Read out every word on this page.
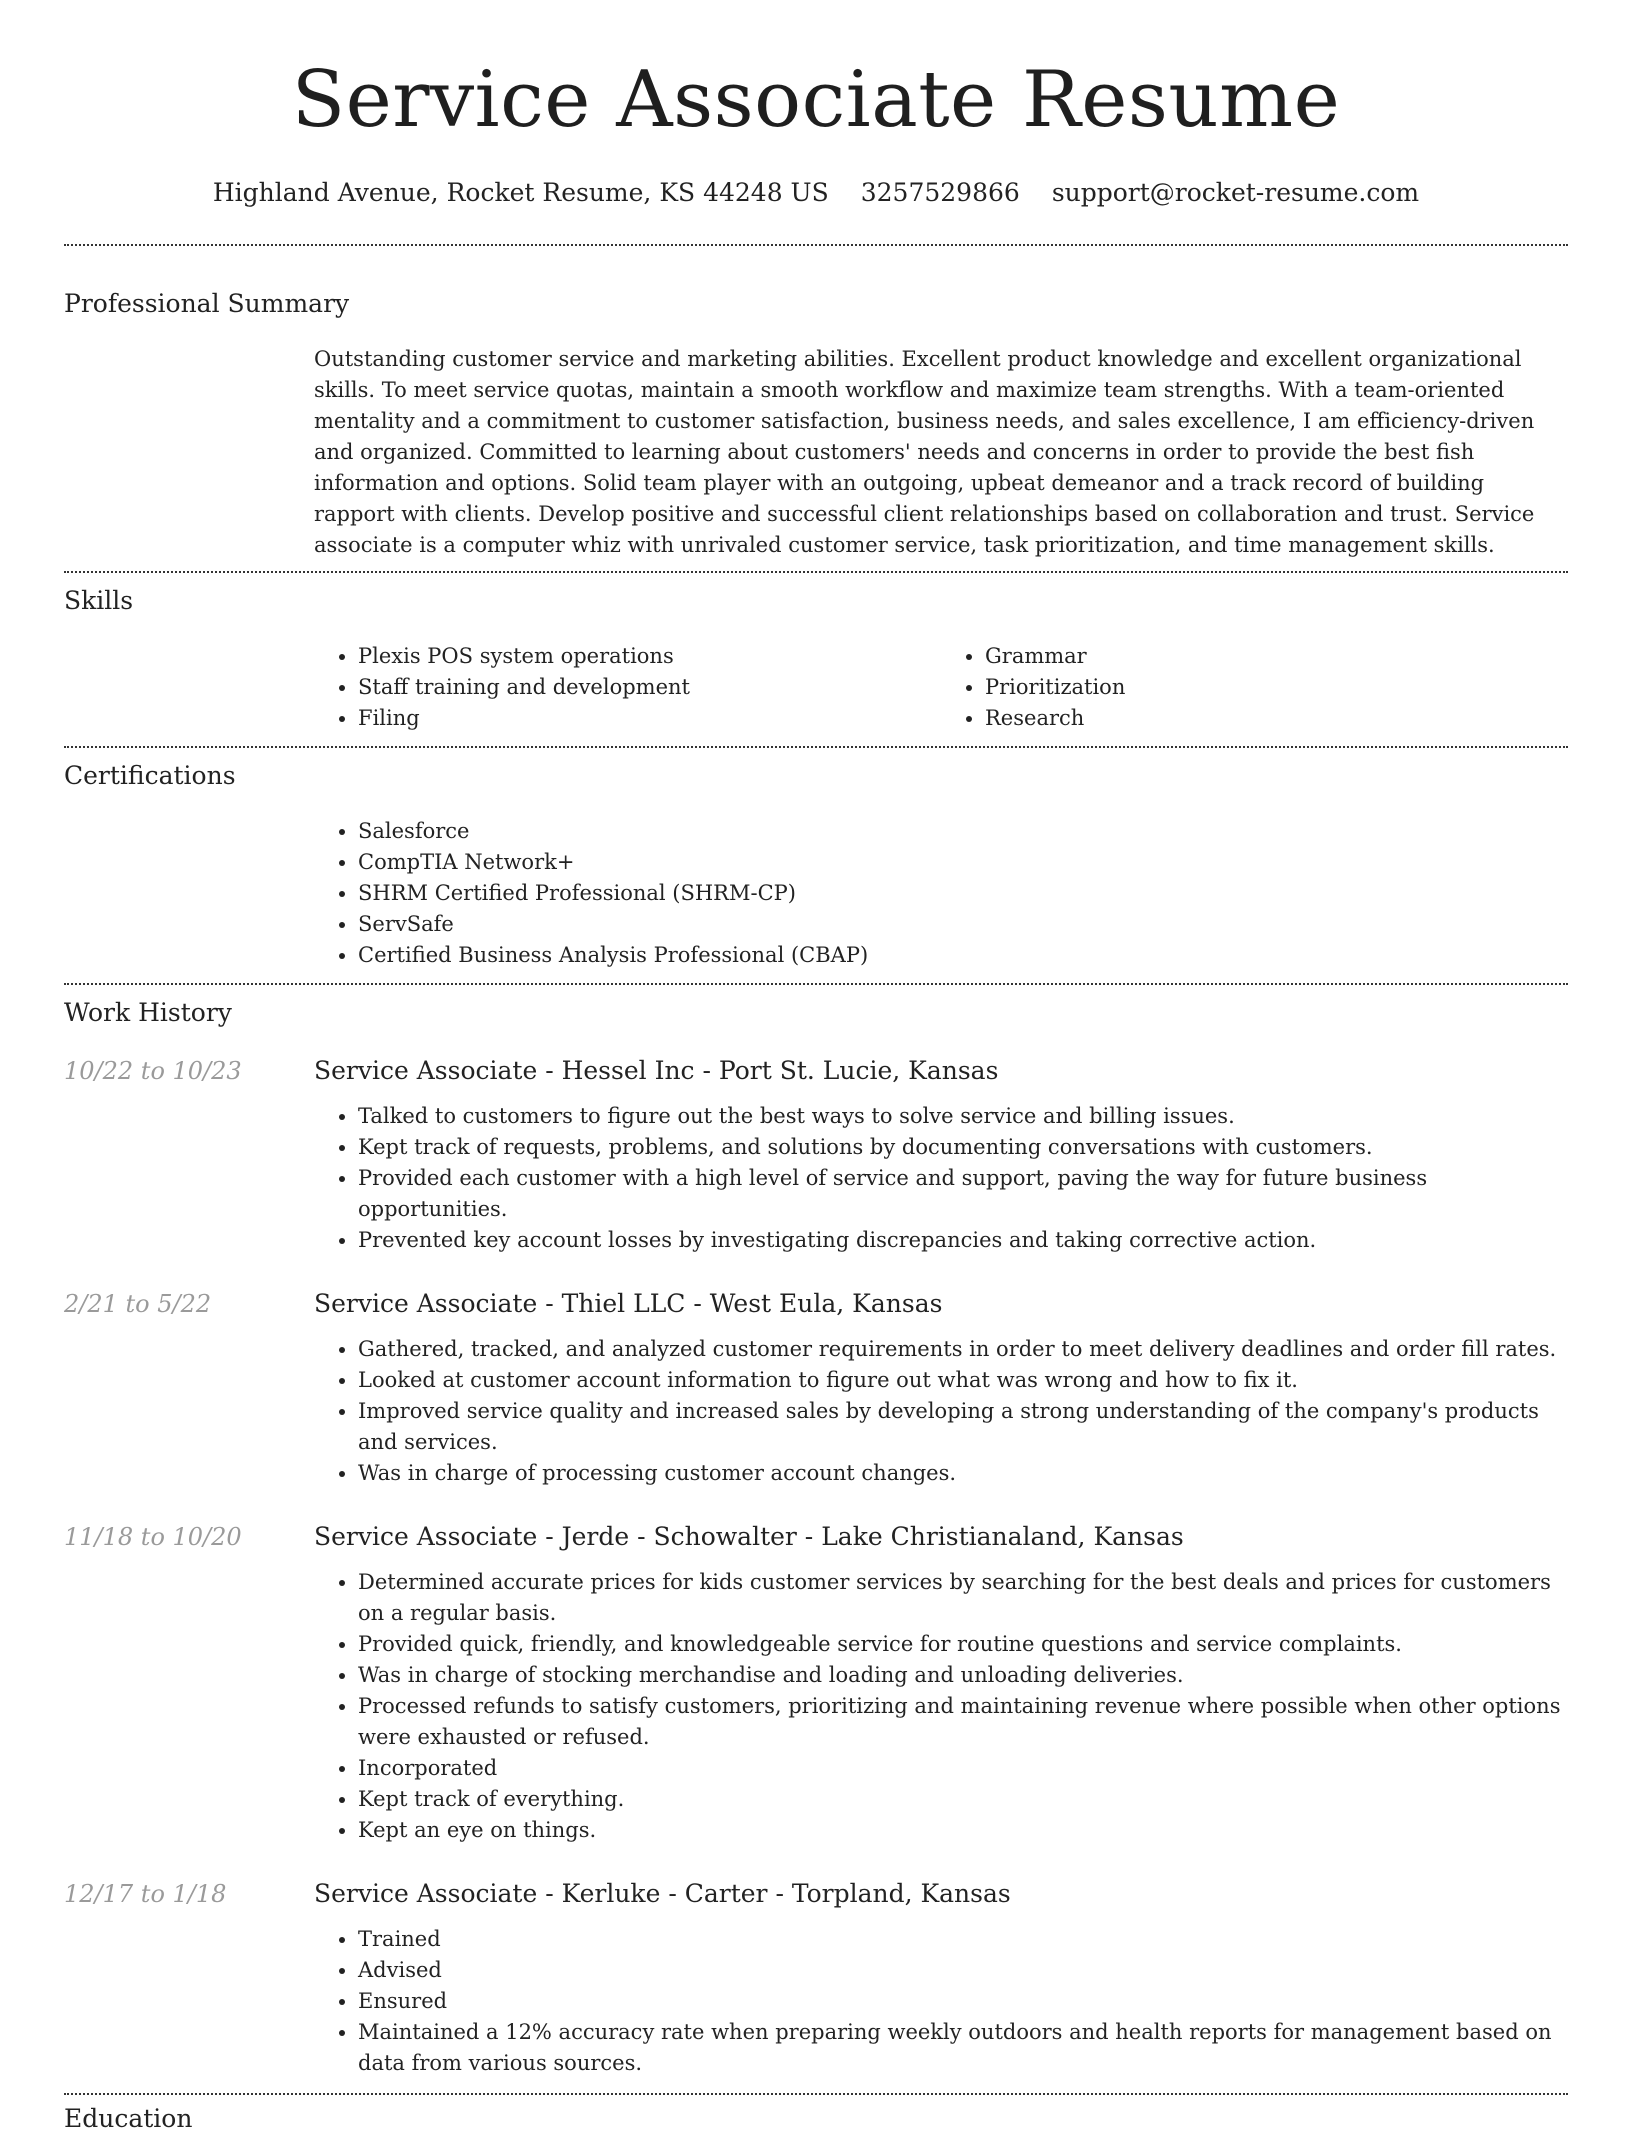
Service Associate Resume
Highland Avenue, Rocket Resume, KS 44248 US 3257529866 support@rocket-resume.com
Professional Summary
Outstanding customer service and marketing abilities. Excellent product knowledge and excellent organizational skills. To meet service quotas, maintain a smooth workflow and maximize team strengths. With a team-oriented mentality and a commitment to customer satisfaction, business needs, and sales excellence, I am efficiency-driven and organized. Committed to learning about customers' needs and concerns in order to provide the best fish information and options. Solid team player with an outgoing, upbeat demeanor and a track record of building rapport with clients. Develop positive and successful client relationships based on collaboration and trust. Service associate is a computer whiz with unrivaled customer service, task prioritization, and time management skills.
Skills
• Plexis POS system operations
• Staff training and development
• Filing
• Grammar
• Prioritization
• Research
Certifications
• Salesforce
• CompTIA Network+
• SHRM Certified Professional (SHRM-CP)
• ServSafe
• Certified Business Analysis Professional (CBAP)
Work History
10/22 to 10/23	Service Associate - Hessel Inc - Port St. Lucie, Kansas
• Talked to customers to figure out the best ways to solve service and billing issues.
• Kept track of requests, problems, and solutions by documenting conversations with customers.
• Provided each customer with a high level of service and support, paving the way for future business opportunities.
• Prevented key account losses by investigating discrepancies and taking corrective action.
2/21 to 5/22	Service Associate - Thiel LLC - West Eula, Kansas
• Gathered, tracked, and analyzed customer requirements in order to meet delivery deadlines and order fill rates.
• Looked at customer account information to figure out what was wrong and how to fix it.
• Improved service quality and increased sales by developing a strong understanding of the company's products and services.
• Was in charge of processing customer account changes.
11/18 to 10/20	Service Associate - Jerde - Schowalter - Lake Christianaland, Kansas
• Determined accurate prices for kids customer services by searching for the best deals and prices for customers on a regular basis.
• Provided quick, friendly, and knowledgeable service for routine questions and service complaints.
• Was in charge of stocking merchandise and loading and unloading deliveries.
• Processed refunds to satisfy customers, prioritizing and maintaining revenue where possible when other options were exhausted or refused.
• Incorporated
• Kept track of everything.
• Kept an eye on things.
12/17 to 1/18	Service Associate - Kerluke - Carter - Torpland, Kansas
• Trained
• Advised
• Ensured
• Maintained a 12% accuracy rate when preparing weekly outdoors and health reports for management based on data from various sources.
Education
